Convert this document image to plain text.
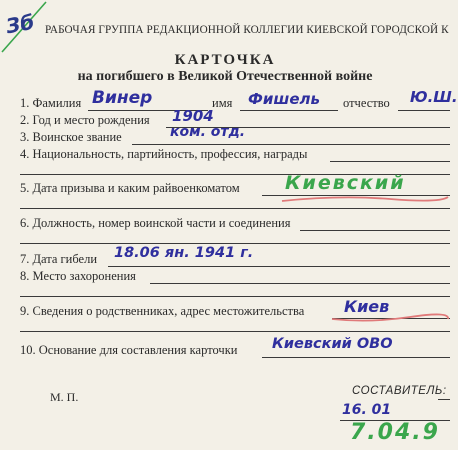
Зб РАБОЧАЯ ГРУППА РЕДАКЦИОННОЙ КОЛЛЕГИИ КИЕВСКОЙ ГОРОДСКОЙ К
КАРТОЧКА
на погибшего в Великой Отечественной войне
1. Фамилия Винер	имя Фишель отчество Ю.Ш.
2. Год и место рождения 1904
3. Воинское звание	ком. отд.
4. Национальность, партийность, профессия, награды
5. Дата призыва и каким райвоенкоматом Киевский
6. Должность, номер воинской части и соединения
7. Дата гибели 18.06 ян. 1941 г.
8. Место захоронения
9. Сведения о родственниках, адрес местожительства Киев
10. Основание для составления карточки Киевский ОВО
М. П.	СОСТАВИТЕЛЬ:
16. 01
7.04.9
